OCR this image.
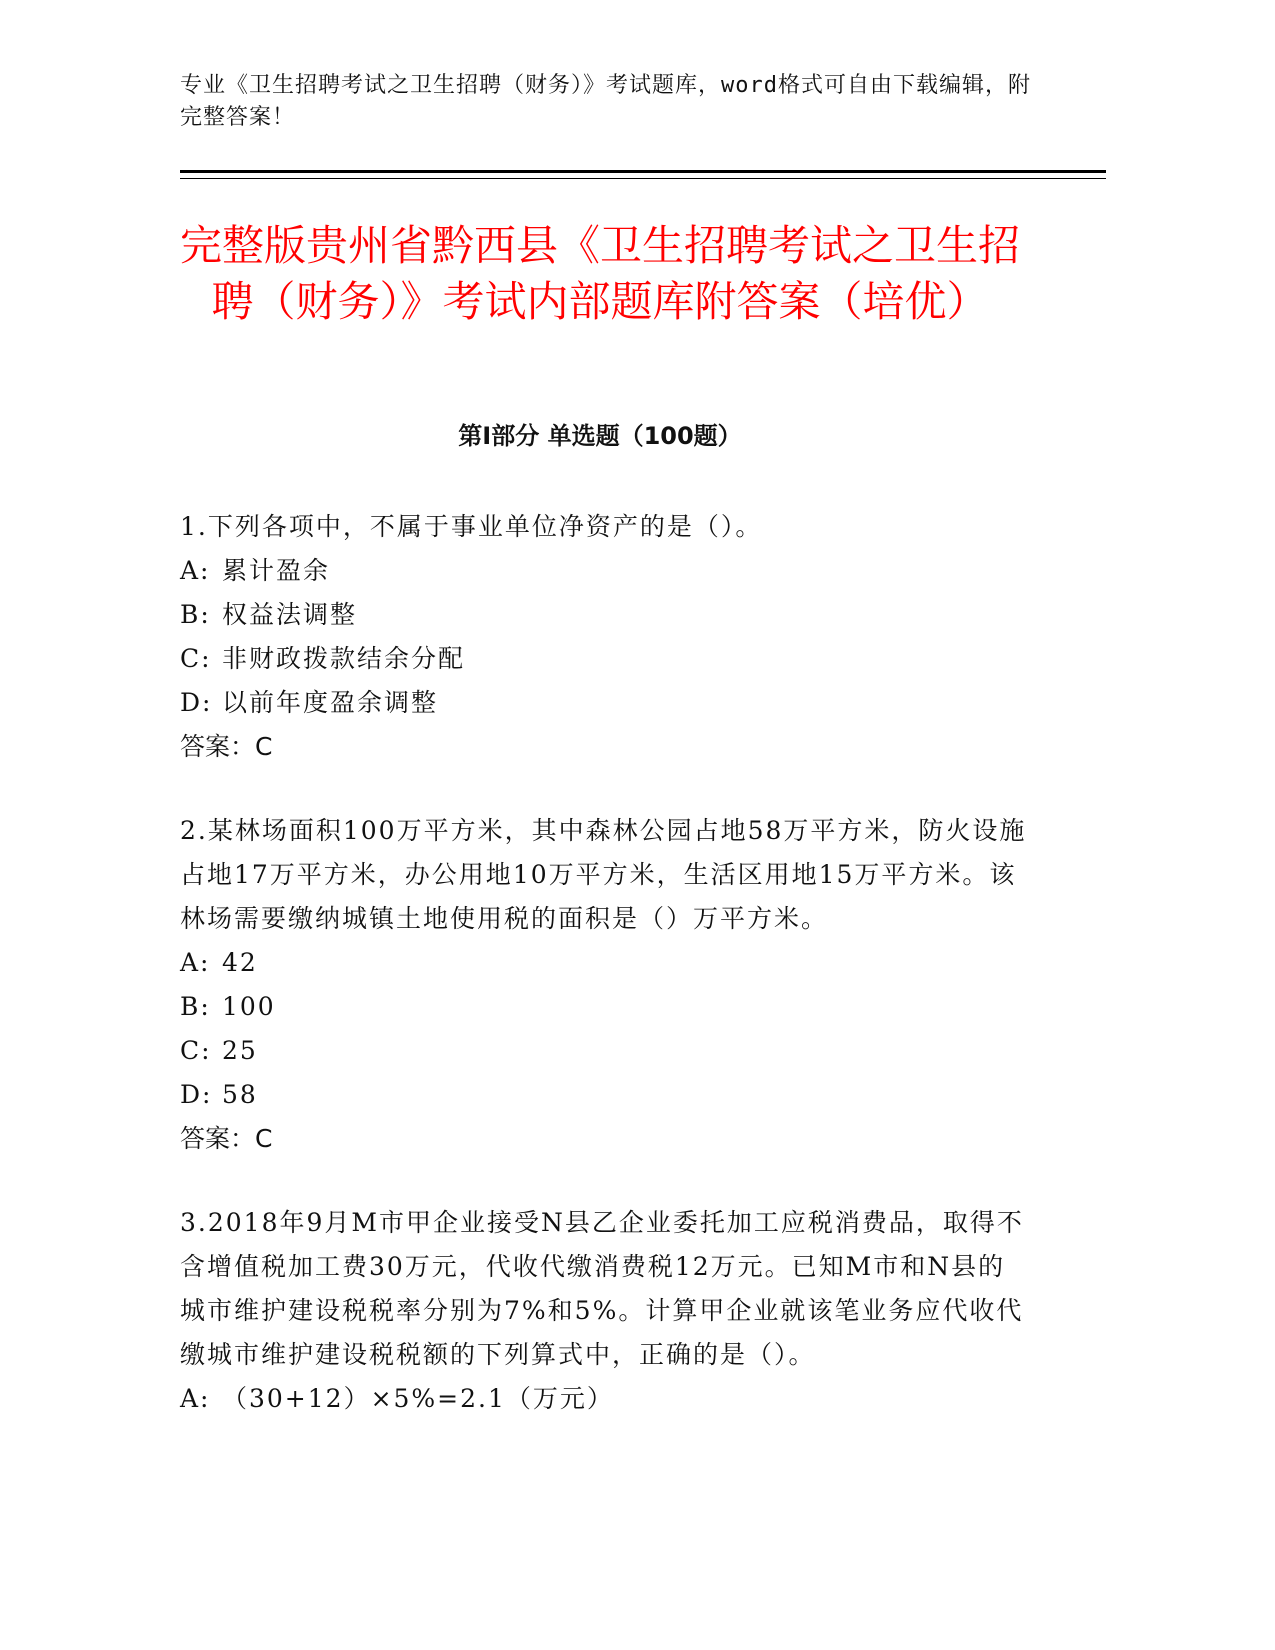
专业《卫生招聘考试之卫生招聘（财务）》考试题库，word格式可自由下载编辑，附完整答案！
完整版贵州省黔西县《卫生招聘考试之卫生招聘（财务）》考试内部题库附答案（培优）
第I部分 单选题（100题）

1.下列各项中，不属于事业单位净资产的是（）。

A: 累计盈余

B: 权益法调整

C: 非财政拨款结余分配

D: 以前年度盈余调整

答案：C

2.某林场面积100万平方米，其中森林公园占地58万平方米，防火设施占地17万平方米，办公用地10万平方米，生活区用地15万平方米。该林场需要缴纳城镇土地使用税的面积是（）万平方米。

A: 42

B: 100

C: 25

D: 58

答案：C

3.2018年9月M市甲企业接受N县乙企业委托加工应税消费品，取得不含增值税加工费30万元，代收代缴消费税12万元。已知M市和N县的城市维护建设税税率分别为7%和5%。计算甲企业就该笔业务应代收代缴城市维护建设税税额的下列算式中，正确的是（）。

A: （30+12）×5%=2.1（万元）
